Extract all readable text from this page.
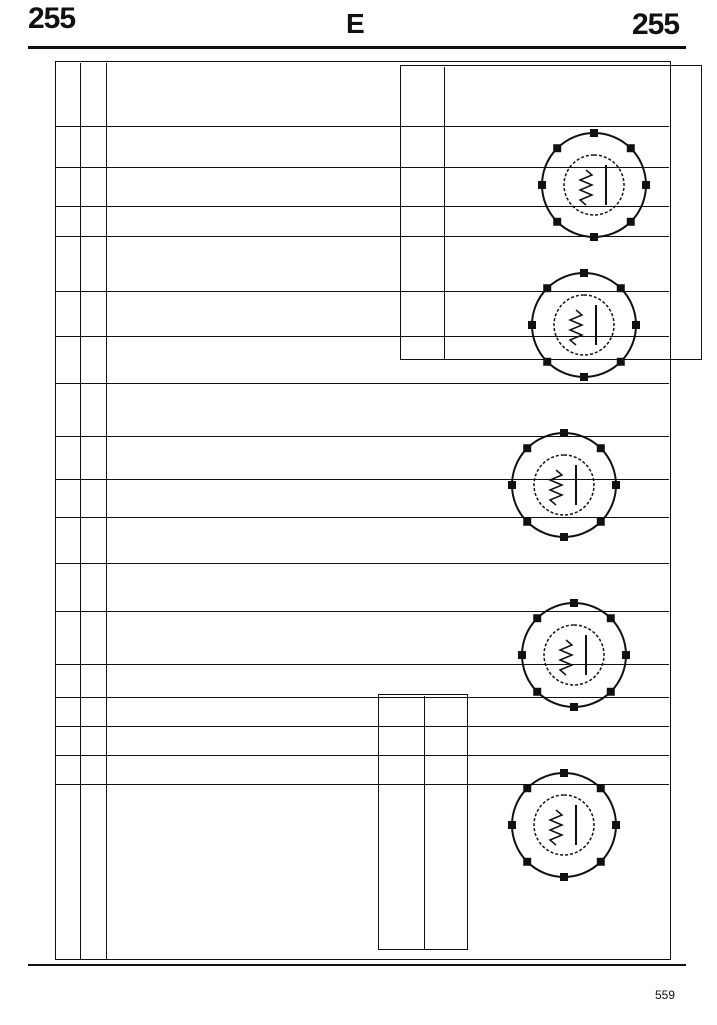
255	E	255
559
